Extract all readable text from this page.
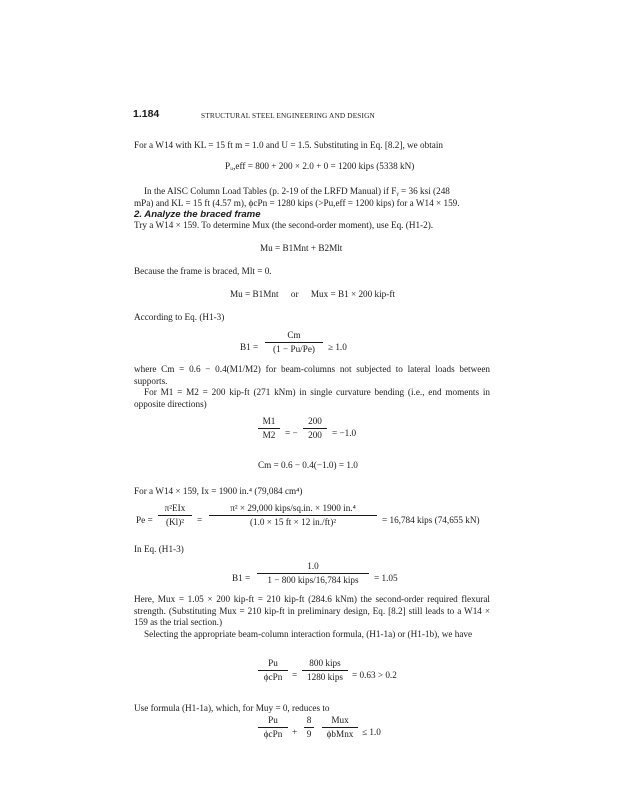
1.184	STRUCTURAL STEEL ENGINEERING AND DESIGN
For a W14 with KL = 15 ft m = 1.0 and U = 1.5. Substituting in Eq. [8.2], we obtain
Pᵤ,eff = 800 + 200 × 2.0 + 0 = 1200 kips (5338 kN)
In the AISC Column Load Tables (p. 2-19 of the LRFD Manual) if Fᵧ = 36 ksi (248
mPa) and KL = 15 ft (4.57 m), ϕcPn = 1280 kips (>Pu,eff = 1200 kips) for a W14 × 159.
2. Analyze the braced frame
Try a W14 × 159. To determine Mux (the second-order moment), use Eq. (H1-2).
Mu = B1Mnt + B2Mlt
Because the frame is braced, Mlt = 0.
Mu = B1Mnt or Mux = B1 × 200 kip-ft
According to Eq. (H1-3)
B1 =
Cm
(1 − Pu/Pe)	≥ 1.0
where Cm = 0.6 − 0.4(M1/M2) for beam-columns not subjected to lateral loads between supports.
For M1 = M2 = 200 kip-ft (271 kNm) in single curvature bending (i.e., end moments in opposite directions)
M1
M2	= −
200
200	= −1.0
Cm = 0.6 − 0.4(−1.0) = 1.0
For a W14 × 159, Ix = 1900 in.⁴ (79,084 cm⁴)
Pe =
π²EIx
(Kl)²	=
π² × 29,000 kips/sq.in. × 1900 in.⁴
(1.0 × 15 ft × 12 in./ft)²	= 16,784 kips (74,655 kN)
In Eq. (H1-3)
B1 =
1.0
1 − 800 kips/16,784 kips	= 1.05
Here, Mux = 1.05 × 200 kip-ft = 210 kip-ft (284.6 kNm) the second-order required flexural strength. (Substituting Mux = 210 kip-ft in preliminary design, Eq. [8.2] still leads to a W14 × 159 as the trial section.)
Selecting the appropriate beam-column interaction formula, (H1-1a) or (H1-1b), we have
Pu
ϕcPn	=
800 kips
1280 kips = 0.63 > 0.2
Use formula (H1-1a), which, for Muy = 0, reduces to
Pu
ϕcPn	+
8
9
Mux
ϕbMnx ≤ 1.0
